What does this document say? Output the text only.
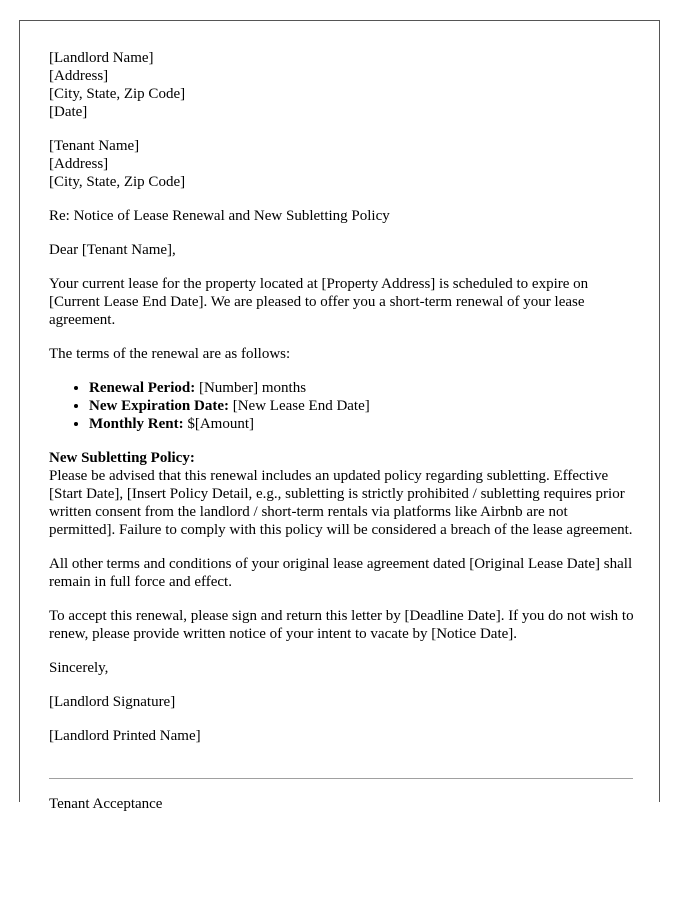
[Landlord Name]
[Address]
[City, State, Zip Code]
[Date]
[Tenant Name]
[Address]
[City, State, Zip Code]

Re: Notice of Lease Renewal and New Subletting Policy

Dear [Tenant Name],

Your current lease for the property located at [Property Address] is scheduled to expire on [Current Lease End Date]. We are pleased to offer you a short-term renewal of your lease agreement.

The terms of the renewal are as follows:

• Renewal Period: [Number] months
• New Expiration Date: [New Lease End Date]
• Monthly Rent: $[Amount]
New Subletting Policy:

Please be advised that this renewal includes an updated policy regarding subletting. Effective [Start Date], [Insert Policy Detail, e.g., subletting is strictly prohibited / subletting requires prior written consent from the landlord / short-term rentals via platforms like Airbnb are not permitted]. Failure to comply with this policy will be considered a breach of the lease agreement.

All other terms and conditions of your original lease agreement dated [Original Lease Date] shall remain in full force and effect.

To accept this renewal, please sign and return this letter by [Deadline Date]. If you do not wish to renew, please provide written notice of your intent to vacate by [Notice Date].

Sincerely,

[Landlord Signature]

[Landlord Printed Name]

Tenant Acceptance
